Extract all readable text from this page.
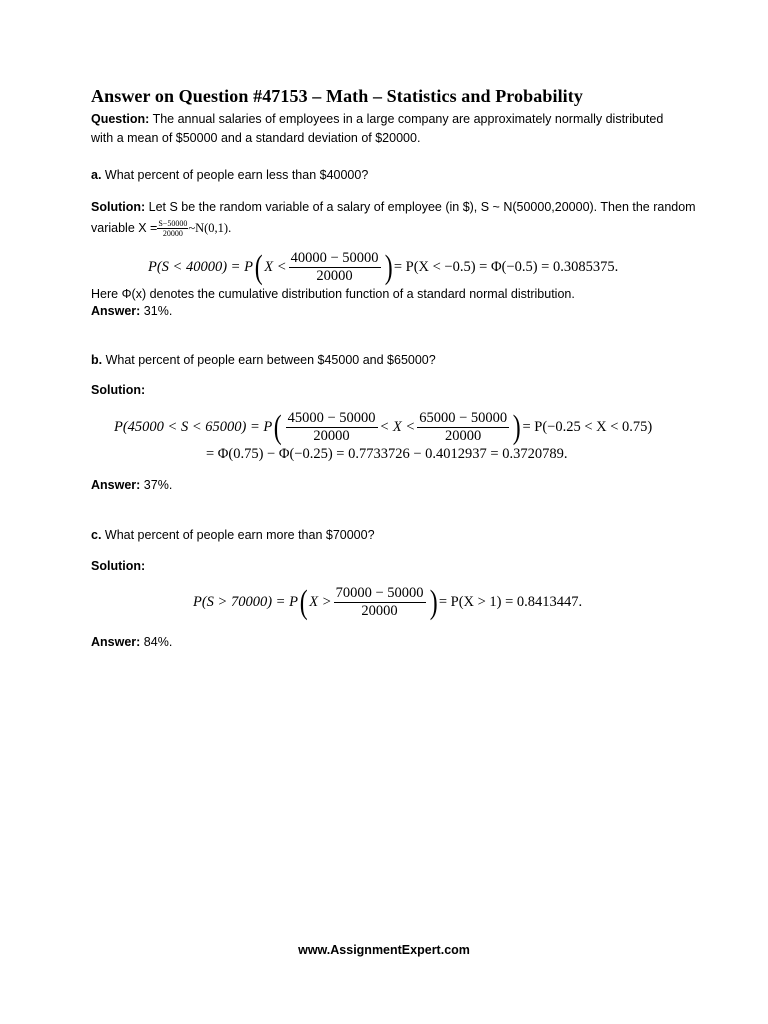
Answer on Question #47153 – Math – Statistics and Probability
Question: The annual salaries of employees in a large company are approximately normally distributed
with a mean of $50000 and a standard deviation of $20000.
a. What percent of people earn less than $40000?
Solution: Let S be the random variable of a salary of employee (in $), S ~ N(50000,20000). Then the random
variable $X = \frac{S-50000}{20000}$ ~N(0,1).
P(S < 40000) = P( $X < \frac{40000 - 50000}{20000}$ ) = P(X < −0.5) = Φ(−0.5) = 0.3085375.
Here Φ(x) denotes the cumulative distribution function of a standard normal distribution.
Answer: 31%.
b. What percent of people earn between $45000 and $65000?
Solution:
$P(45000 < S < 65000) = P( \frac{45000 - 50000}{20000} < X < \frac{65000 - 50000}{20000}$ ) = P(−0.25 < X < 0.75)
= Φ(0.75) − Φ(−0.25) = 0.7733726 − 0.4012937 = 0.3720789.
Answer: 37%.
c. What percent of people earn more than $70000?
Solution:
P(S > 70000) = P( $X > \frac{70000 - 50000}{20000}$ ) = P(X > 1) = 0.8413447.
Answer: 84%.
www.AssignmentExpert.com
